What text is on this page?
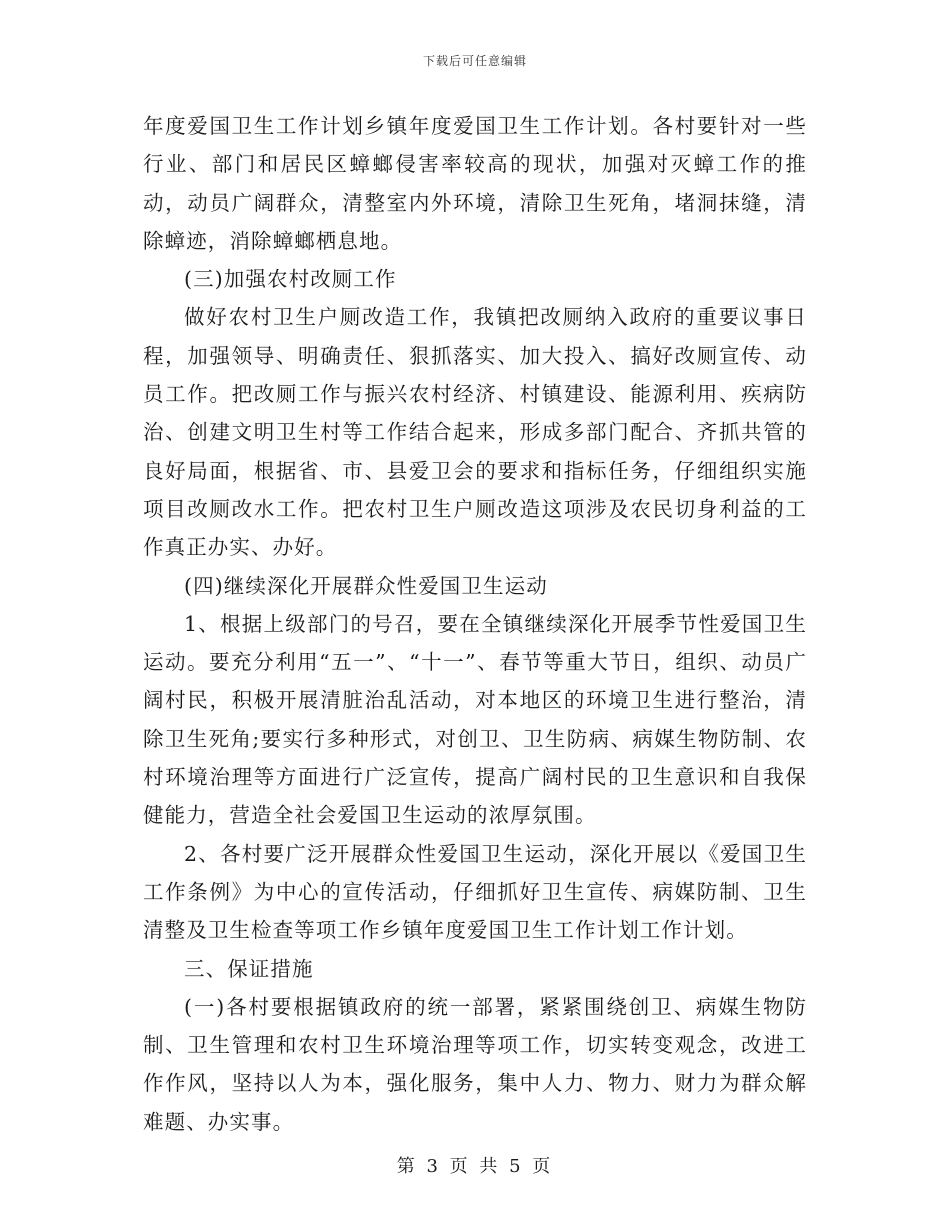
下载后可任意编辑

年度爱国卫生工作计划乡镇年度爱国卫生工作计划。各村要针对一些行业、部门和居民区蟑螂侵害率较高的现状，加强对灭蟑工作的推动，动员广阔群众，清整室内外环境，清除卫生死角，堵洞抹缝，清除蟑迹，消除蟑螂栖息地。

(三)加强农村改厕工作

做好农村卫生户厕改造工作，我镇把改厕纳入政府的重要议事日程，加强领导、明确责任、狠抓落实、加大投入、搞好改厕宣传、动员工作。把改厕工作与振兴农村经济、村镇建设、能源利用、疾病防治、创建文明卫生村等工作结合起来，形成多部门配合、齐抓共管的良好局面，根据省、市、县爱卫会的要求和指标任务，仔细组织实施项目改厕改水工作。把农村卫生户厕改造这项涉及农民切身利益的工作真正办实、办好。

(四)继续深化开展群众性爱国卫生运动

1、根据上级部门的号召，要在全镇继续深化开展季节性爱国卫生运动。要充分利用“五一”、“十一”、春节等重大节日，组织、动员广阔村民，积极开展清脏治乱活动，对本地区的环境卫生进行整治，清除卫生死角;要实行多种形式，对创卫、卫生防病、病媒生物防制、农村环境治理等方面进行广泛宣传，提高广阔村民的卫生意识和自我保健能力，营造全社会爱国卫生运动的浓厚氛围。

2、各村要广泛开展群众性爱国卫生运动，深化开展以《爱国卫生工作条例》为中心的宣传活动，仔细抓好卫生宣传、病媒防制、卫生清整及卫生检查等项工作乡镇年度爱国卫生工作计划工作计划。

三、保证措施

(一)各村要根据镇政府的统一部署，紧紧围绕创卫、病媒生物防制、卫生管理和农村卫生环境治理等项工作，切实转变观念，改进工作作风，坚持以人为本，强化服务，集中人力、物力、财力为群众解难题、办实事。

第 3 页 共 5 页
